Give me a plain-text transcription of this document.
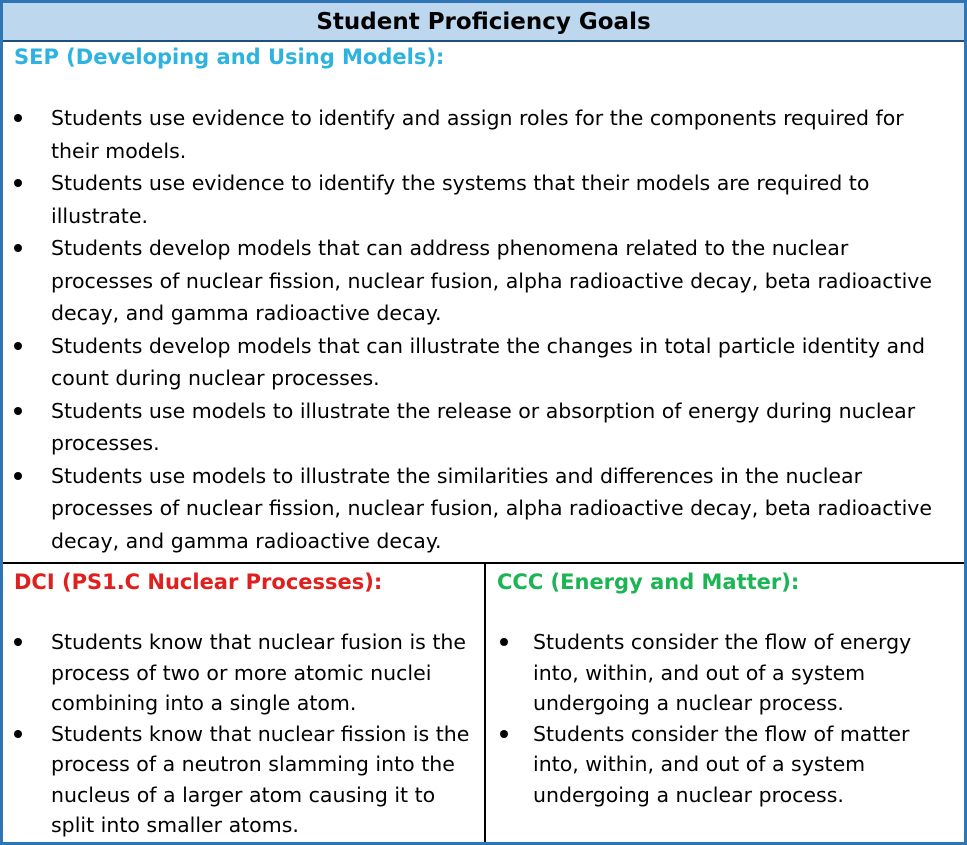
Student Proficiency Goals
SEP (Developing and Using Models):
Students use evidence to identify and assign roles for the components required for their models.
Students use evidence to identify the systems that their models are required to illustrate.
Students develop models that can address phenomena related to the nuclear processes of nuclear fission, nuclear fusion, alpha radioactive decay, beta radioactive decay, and gamma radioactive decay.
Students develop models that can illustrate the changes in total particle identity and count during nuclear processes.
Students use models to illustrate the release or absorption of energy during nuclear processes.
Students use models to illustrate the similarities and differences in the nuclear processes of nuclear fission, nuclear fusion, alpha radioactive decay, beta radioactive decay, and gamma radioactive decay.
DCI (PS1.C Nuclear Processes):
Students know that nuclear fusion is the process of two or more atomic nuclei combining into a single atom.
Students know that nuclear fission is the process of a neutron slamming into the nucleus of a larger atom causing it to split into smaller atoms.
CCC (Energy and Matter):
Students consider the flow of energy into, within, and out of a system undergoing a nuclear process.
Students consider the flow of matter into, within, and out of a system undergoing a nuclear process.
